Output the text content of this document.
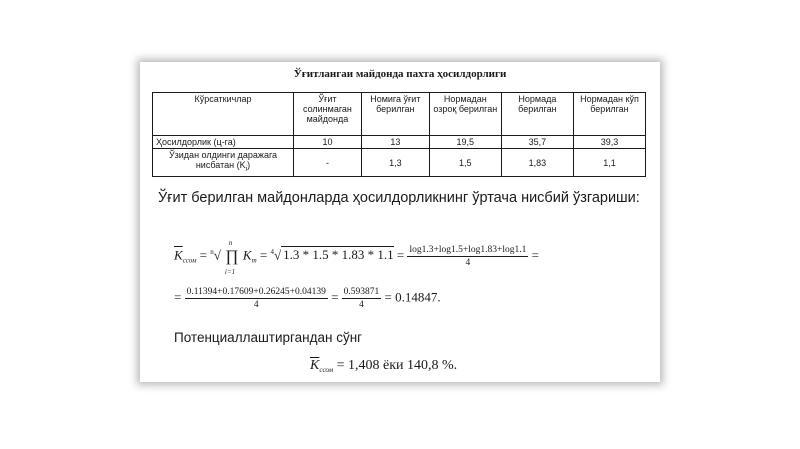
Ўғитлангаи майдонда пахта ҳосилдорлиги
Кўрсаткичлар	Ўғит солинмаган майдонда	Номига ўғит берилган	Нормадан озроқ берилган	Нормада берилган	Нормадан кўп берилган
Ҳосилдорлик (ц-га)	10	13	19,5	35,7	39,3
Ўзидан олдинги даражага нисбатан $(K_i)$	-	1,3	1,5	1,83	1,1
Ўғит берилган майдонларда ҳосилдорликнинг ўртача нисбий ўзгариши:
$\overline{K}_{ссом} = ^n√$
n
∏
i=1
$K_m = ^4√$ $1.3 * 1.5 * 1.83 * 1.1 = \frac{\log 1.3+\log 1.5+\log 1.83+\log 1.1}{4}$ =
= $\frac{0.11394+0.17609+0.26245+0.04139}{4} = \frac{0.593871}{4} = 0.14847$.
Потенциаллаштиргандан сўнг
$\overline{K}_{ссом} = 1,408$ ёки 140,8 %.
